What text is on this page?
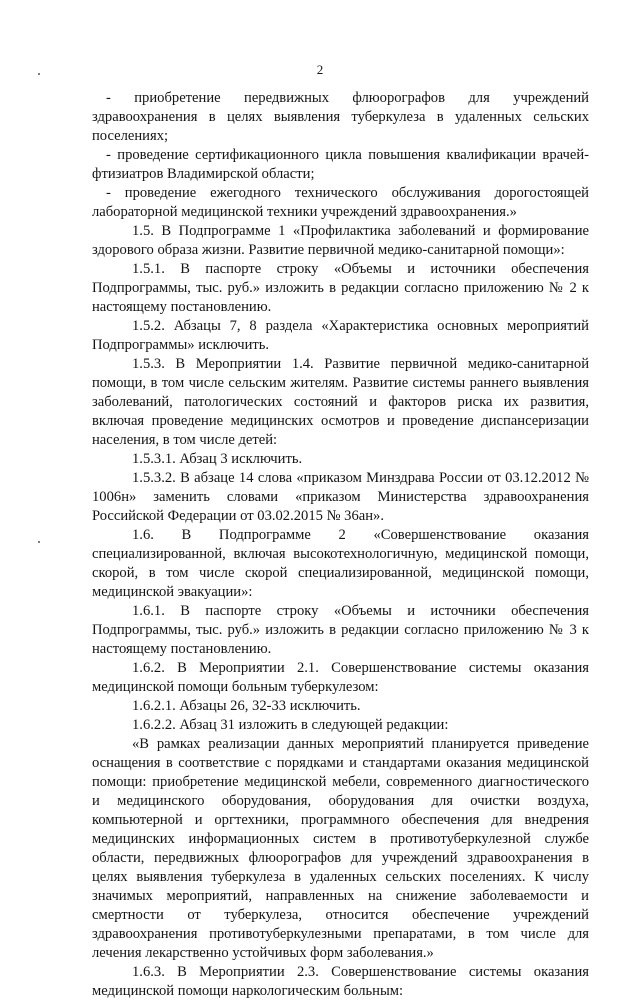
2

- приобретение передвижных флюорографов для учреждений здравоохранения в целях выявления туберкулеза в удаленных сельских поселениях;

- проведение сертификационного цикла повышения квалификации врачей-фтизиатров Владимирской области;

- проведение ежегодного технического обслуживания дорогостоящей лабораторной медицинской техники учреждений здравоохранения.»

1.5. В Подпрограмме 1 «Профилактика заболеваний и формирование здорового образа жизни. Развитие первичной медико-санитарной помощи»:

1.5.1. В паспорте строку «Объемы и источники обеспечения Подпрограммы, тыс. руб.» изложить в редакции согласно приложению № 2 к настоящему постановлению.

1.5.2. Абзацы 7, 8 раздела «Характеристика основных мероприятий Подпрограммы» исключить.

1.5.3. В Мероприятии 1.4. Развитие первичной медико-санитарной помощи, в том числе сельским жителям. Развитие системы раннего выявления заболеваний, патологических состояний и факторов риска их развития, включая проведение медицинских осмотров и проведение диспансеризации населения, в том числе детей:

1.5.3.1. Абзац 3 исключить.

1.5.3.2. В абзаце 14 слова «приказом Минздрава России от 03.12.2012 № 1006н» заменить словами «приказом Министерства здравоохранения Российской Федерации от 03.02.2015 № 36ан».

1.6. В Подпрограмме 2 «Совершенствование оказания специализированной, включая высокотехнологичную, медицинской помощи, скорой, в том числе скорой специализированной, медицинской помощи, медицинской эвакуации»:

1.6.1. В паспорте строку «Объемы и источники обеспечения Подпрограммы, тыс. руб.» изложить в редакции согласно приложению № 3 к настоящему постановлению.

1.6.2. В Мероприятии 2.1. Совершенствование системы оказания медицинской помощи больным туберкулезом:

1.6.2.1. Абзацы 26, 32-33 исключить.

1.6.2.2. Абзац 31 изложить в следующей редакции:

«В рамках реализации данных мероприятий планируется приведение оснащения в соответствие с порядками и стандартами оказания медицинской помощи: приобретение медицинской мебели, современного диагностического и медицинского оборудования, оборудования для очистки воздуха, компьютерной и оргтехники, программного обеспечения для внедрения медицинских информационных систем в противотуберкулезной службе области, передвижных флюорографов для учреждений здравоохранения в целях выявления туберкулеза в удаленных сельских поселениях. К числу значимых мероприятий, направленных на снижение заболеваемости и смертности от туберкулеза, относится обеспечение учреждений здравоохранения противотуберкулезными препаратами, в том числе для лечения лекарственно устойчивых форм заболевания.»

1.6.3. В Мероприятии 2.3. Совершенствование системы оказания медицинской помощи наркологическим больным:
